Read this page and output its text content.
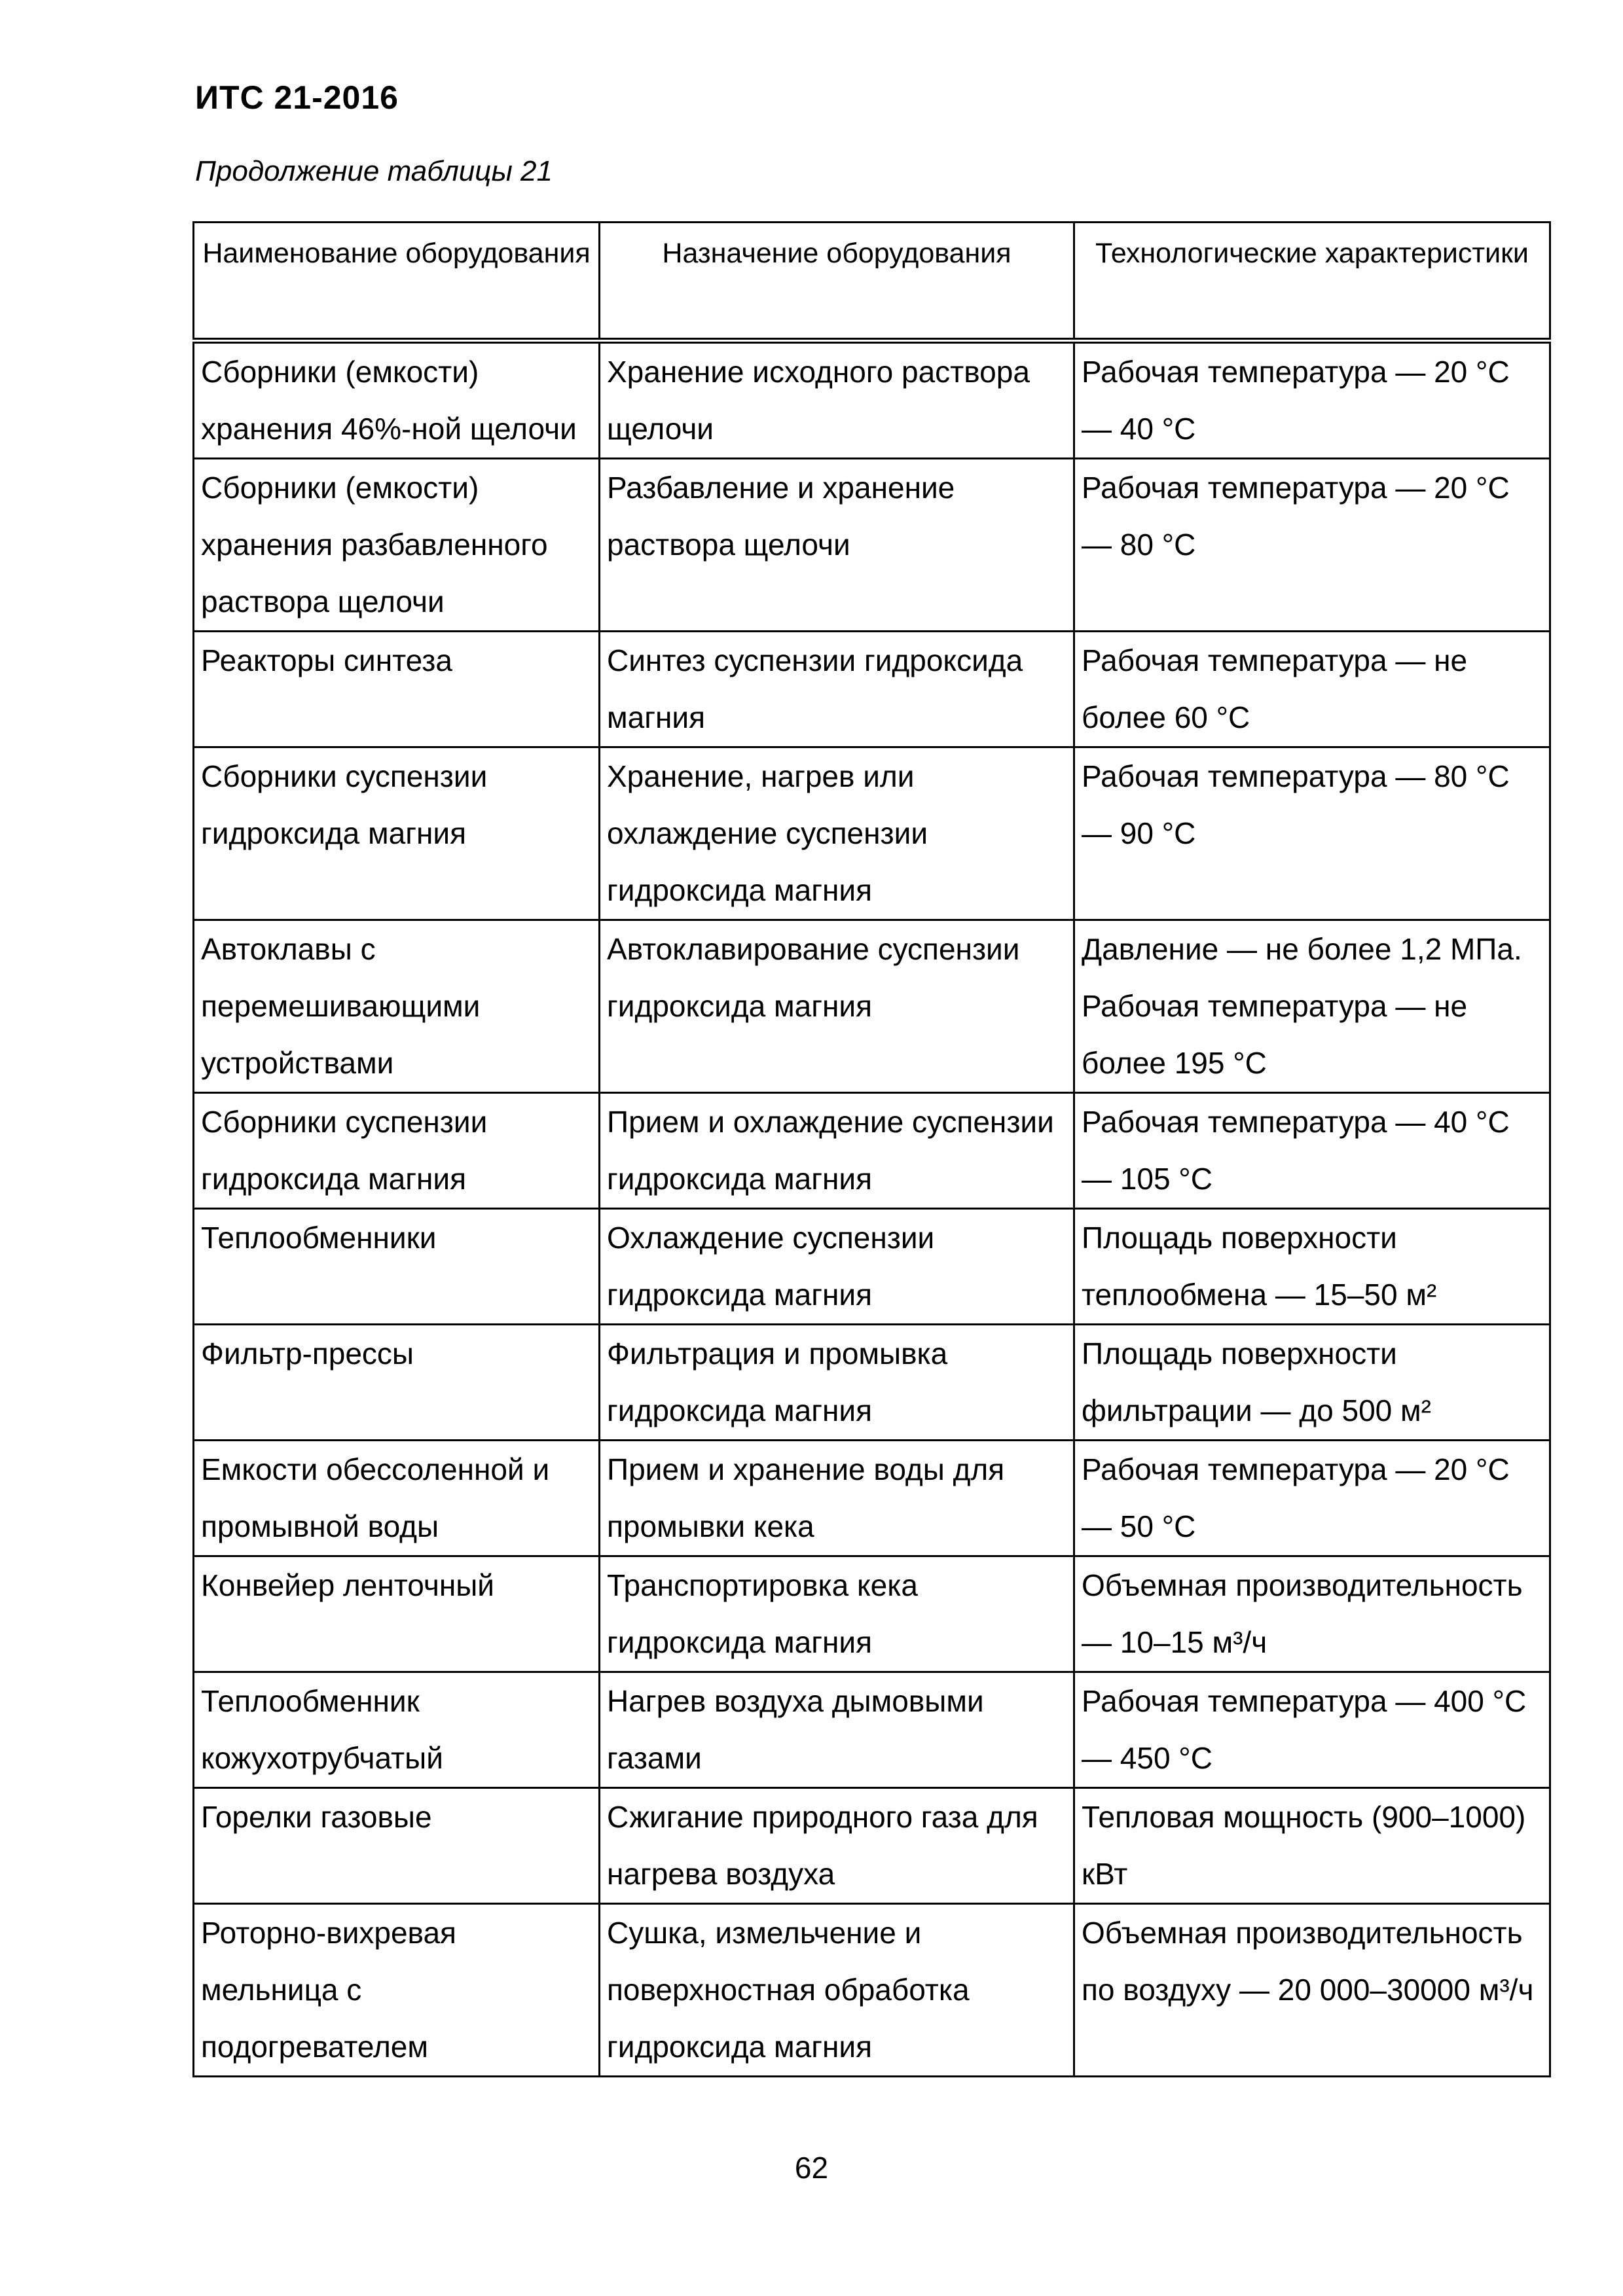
ИТС 21-2016
Продолжение таблицы 21
Наименование оборудования	Назначение оборудования	Технологические характеристики
Сборники (емкости) хранения 46%-ной щелочи	Хранение исходного раствора щелочи	Рабочая температура — 20 °С — 40 °С
Сборники (емкости) хранения разбавленного раствора щелочи	Разбавление и хранение раствора щелочи	Рабочая температура — 20 °С — 80 °С
Реакторы синтеза	Синтез суспензии гидроксида магния	Рабочая температура — не более 60 °С
Сборники суспензии гидроксида магния	Хранение, нагрев или охлаждение суспензии гидроксида магния	Рабочая температура — 80 °С — 90 °С
Автоклавы с перемешивающими устройствами	Автоклавирование суспензии гидроксида магния	Давление — не более 1,2 МПа. Рабочая температура — не более 195 °С
Сборники суспензии гидроксида магния	Прием и охлаждение суспензии гидроксида магния	Рабочая температура — 40 °С — 105 °С
Теплообменники	Охлаждение суспензии гидроксида магния	Площадь поверхности теплообмена — 15–50 м²
Фильтр-прессы	Фильтрация и промывка гидроксида магния	Площадь поверхности фильтрации — до 500 м²
Емкости обессоленной и промывной воды	Прием и хранение воды для промывки кека	Рабочая температура — 20 °С — 50 °С
Конвейер ленточный	Транспортировка кека гидроксида магния	Объемная производительность — 10–15 м³/ч
Теплообменник кожухотрубчатый	Нагрев воздуха дымовыми газами	Рабочая температура — 400 °С — 450 °С
Горелки газовые	Сжигание природного газа для нагрева воздуха	Тепловая мощность (900–1000) кВт
Роторно-вихревая мельница с подогревателем	Сушка, измельчение и поверхностная обработка гидроксида магния	Объемная производительность по воздуху — 20 000–30000 м³/ч
62
